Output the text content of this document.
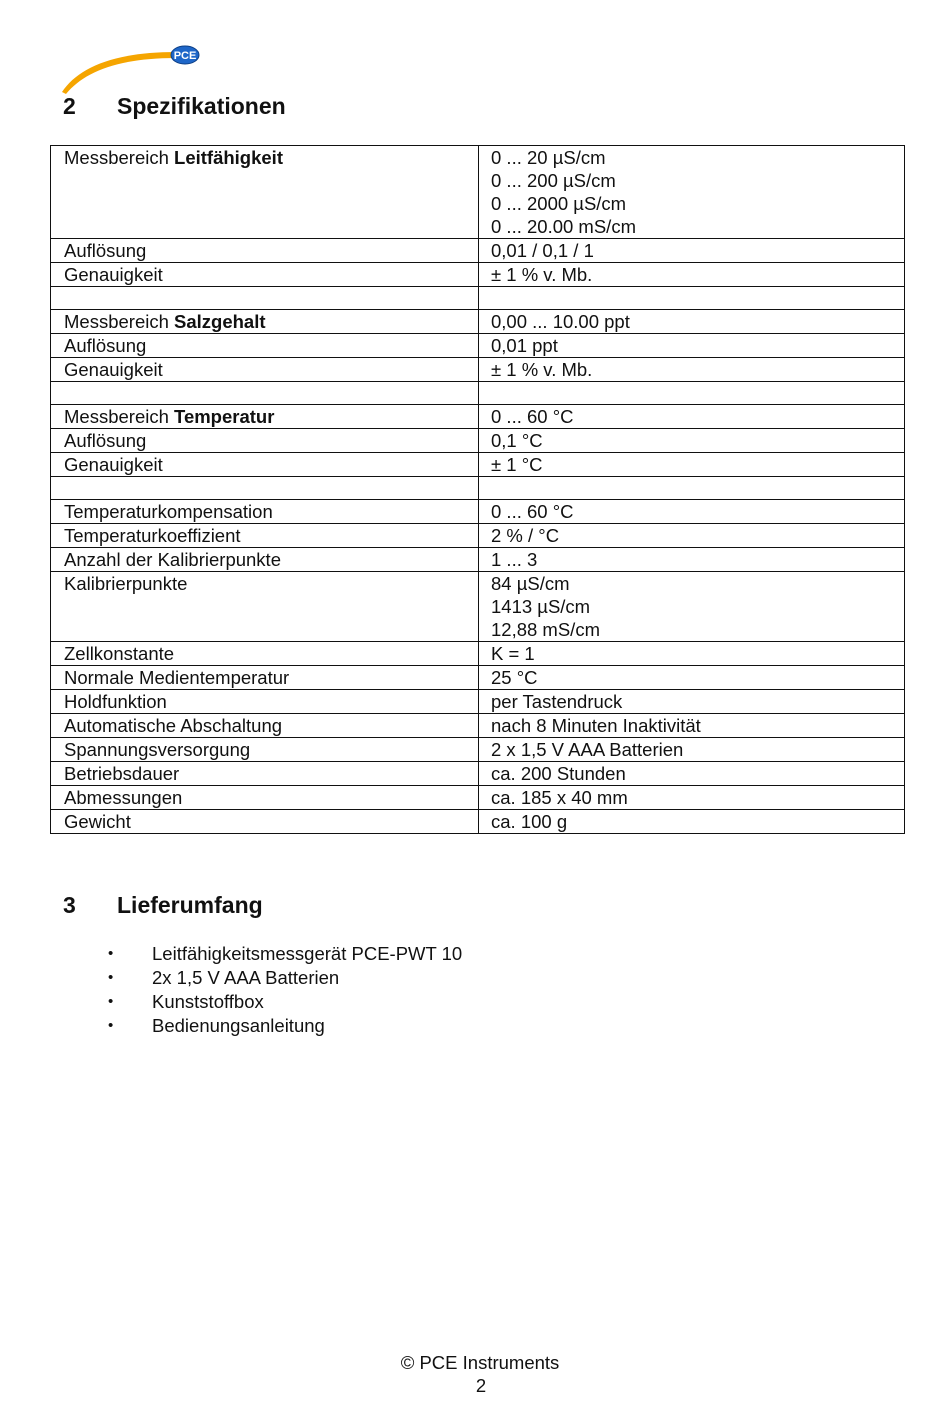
PCE
2	Spezifikationen
Messbereich Leitfähigkeit	0 ... 20 µS/cm
0 ... 200 µS/cm
0 ... 2000 µS/cm
0 ... 20.00 mS/cm

Auflösung	0,01 / 0,1 / 1

Genauigkeit	± 1 % v. Mb.

Messbereich Salzgehalt	0,00 ... 10.00 ppt

Auflösung	0,01 ppt

Genauigkeit	± 1 % v. Mb.

Messbereich Temperatur	0 ... 60 °C

Auflösung	0,1 °C

Genauigkeit	± 1 °C

Temperaturkompensation	0 ... 60 °C

Temperaturkoeffizient	2 % / °C

Anzahl der Kalibrierpunkte	1 ... 3

Kalibrierpunkte	84 µS/cm
1413 µS/cm
12,88 mS/cm

Zellkonstante	K = 1

Normale Medientemperatur	25 °C

Holdfunktion	per Tastendruck

Automatische Abschaltung	nach 8 Minuten Inaktivität

Spannungsversorgung	2 x 1,5 V AAA Batterien

Betriebsdauer	ca. 200 Stunden

Abmessungen	ca. 185 x 40 mm

Gewicht	ca. 100 g
3	Lieferumfang
•	Leitfähigkeitsmessgerät PCE-PWT 10
•	2x 1,5 V AAA Batterien
•	Kunststoffbox
•	Bedienungsanleitung
© PCE Instruments
2
